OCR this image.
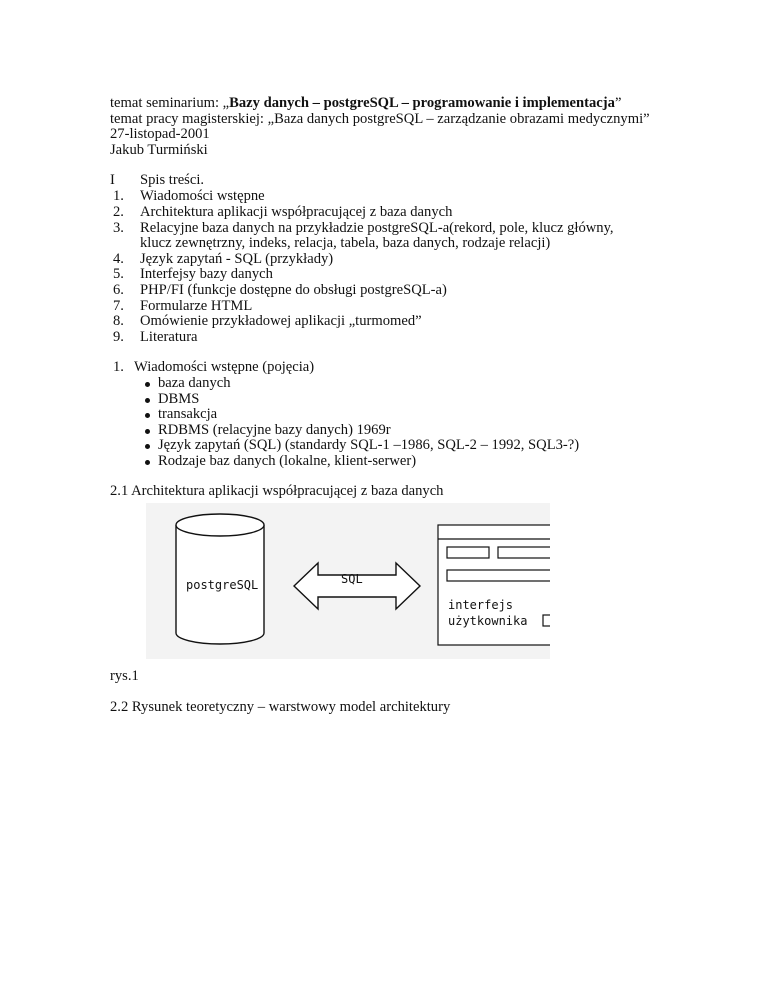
temat seminarium: „Bazy danych – postgreSQL – programowanie i implementacja”
temat pracy magisterskiej: „Baza danych postgreSQL – zarządzanie obrazami medycznymi”
27-listopad-2001
Jakub Turmiński
I Spis treści.
1. Wiadomości wstępne
2. Architektura aplikacji współpracującej z baza danych
3. Relacyjne baza danych na przykładzie postgreSQL-a(rekord, pole, klucz główny,
klucz zewnętrzny, indeks, relacja, tabela, baza danych, rodzaje relacji)
4. Język zapytań - SQL (przykłady)
5. Interfejsy bazy danych
6. PHP/FI (funkcje dostępne do obsługi postgreSQL-a)
7. Formularze HTML
8. Omówienie przykładowej aplikacji „turmomed”
9. Literatura
1. Wiadomości wstępne (pojęcia)
baza danych
DBMS
transakcja
RDBMS (relacyjne bazy danych) 1969r
Język zapytań (SQL) (standardy SQL-1 –1986, SQL-2 – 1992, SQL3-?)
Rodzaje baz danych (lokalne, klient-serwer)
2.1 Architektura aplikacji współpracującej z baza danych
postgreSQL	SQL
interfejs
użytkownika
rys.1
2.2 Rysunek teoretyczny – warstwowy model architektury
